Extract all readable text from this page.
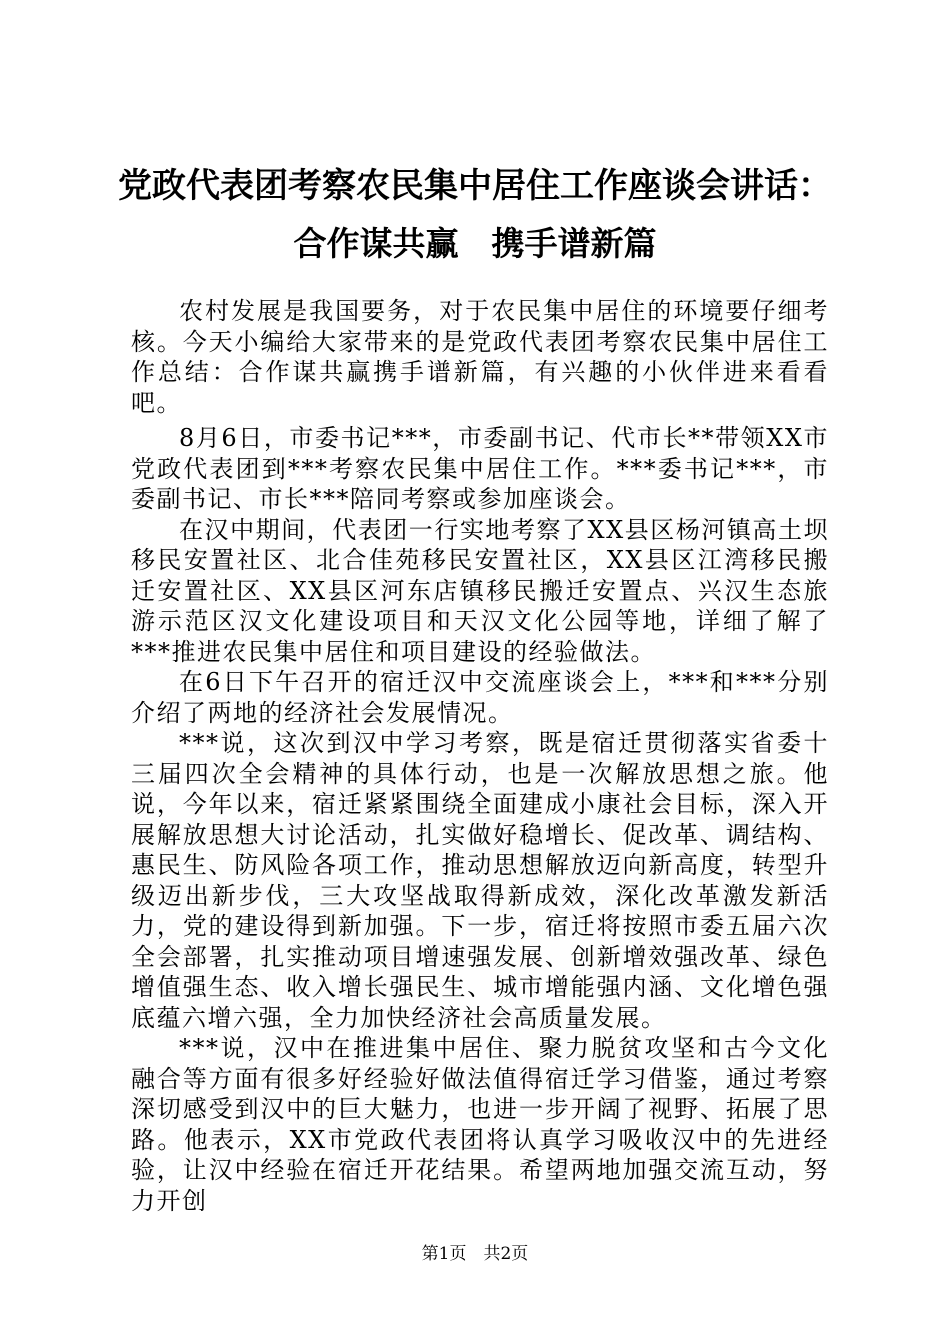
党政代表团考察农民集中居住工作座谈会讲话：
合作谋共赢　携手谱新篇

农村发展是我国要务，对于农民集中居住的环境要仔细考核。今天小编给大家带来的是党政代表团考察农民集中居住工作总结：合作谋共赢携手谱新篇，有兴趣的小伙伴进来看看吧。

8月6日，市委书记***，市委副书记、代市长**带领XX市党政代表团到***考察农民集中居住工作。***委书记***，市委副书记、市长***陪同考察或参加座谈会。

在汉中期间，代表团一行实地考察了XX县区杨河镇高土坝移民安置社区、北合佳苑移民安置社区，XX县区江湾移民搬迁安置社区、XX县区河东店镇移民搬迁安置点、兴汉生态旅游示范区汉文化建设项目和天汉文化公园等地，详细了解了***推进农民集中居住和项目建设的经验做法。

在6日下午召开的宿迁汉中交流座谈会上，***和***分别介绍了两地的经济社会发展情况。

***说，这次到汉中学习考察，既是宿迁贯彻落实省委十三届四次全会精神的具体行动，也是一次解放思想之旅。他说，今年以来，宿迁紧紧围绕全面建成小康社会目标，深入开展解放思想大讨论活动，扎实做好稳增长、促改革、调结构、惠民生、防风险各项工作，推动思想解放迈向新高度，转型升级迈出新步伐，三大攻坚战取得新成效，深化改革激发新活力，党的建设得到新加强。下一步，宿迁将按照市委五届六次全会部署，扎实推动项目增速强发展、创新增效强改革、绿色增值强生态、收入增长强民生、城市增能强内涵、文化增色强底蕴六增六强，全力加快经济社会高质量发展。

***说，汉中在推进集中居住、聚力脱贫攻坚和古今文化融合等方面有很多好经验好做法值得宿迁学习借鉴，通过考察深切感受到汉中的巨大魅力，也进一步开阔了视野、拓展了思路。他表示，XX市党政代表团将认真学习吸收汉中的先进经验，让汉中经验在宿迁开花结果。希望两地加强交流互动，努力开创

第1页　共2页
